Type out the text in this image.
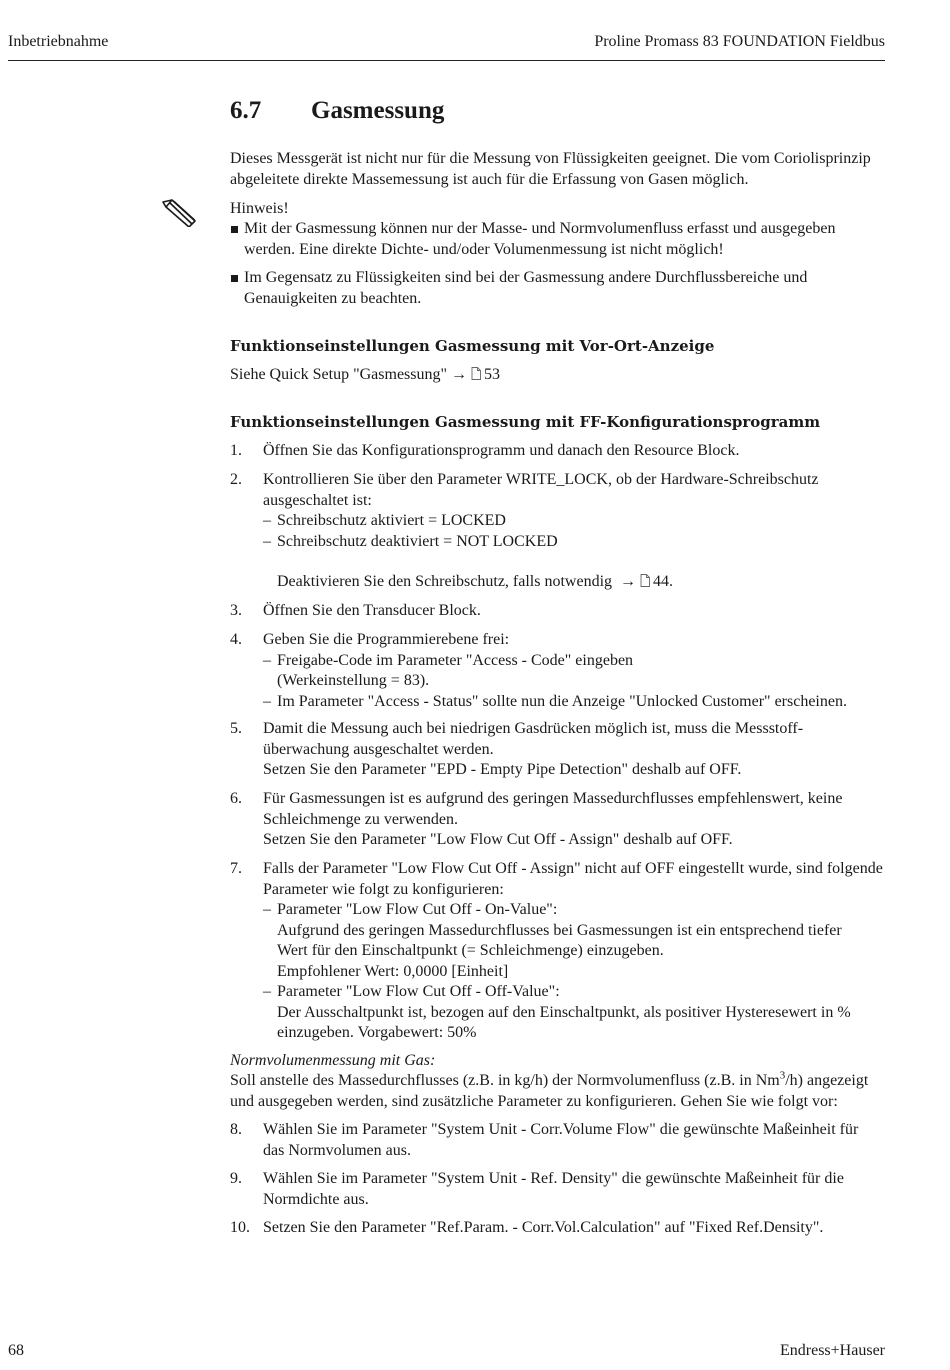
Inbetriebnahme	Proline Promass 83 FOUNDATION Fieldbus
6.7 Gasmessung
Dieses Messgerät ist nicht nur für die Messung von Flüssigkeiten geeignet. Die vom Coriolisprinzip abgeleitete direkte Massemessung ist auch für die Erfassung von Gasen möglich.
Hinweis!
Mit der Gasmessung können nur der Masse- und Normvolumenfluss erfasst und ausgegeben werden. Eine direkte Dichte- und/oder Volumenmessung ist nicht möglich!
Im Gegensatz zu Flüssigkeiten sind bei der Gasmessung andere Durchflussbereiche und Genauigkeiten zu beachten.
Funktionseinstellungen Gasmessung mit Vor-Ort-Anzeige
Siehe Quick Setup "Gasmessung" → 53
Funktionseinstellungen Gasmessung mit FF-Konfigurationsprogramm
1. Öffnen Sie das Konfigurationsprogramm und danach den Resource Block.
2. Kontrollieren Sie über den Parameter WRITE_LOCK, ob der Hardware-Schreibschutz
ausgeschaltet ist:
– Schreibschutz aktiviert = LOCKED
– Schreibschutz deaktiviert = NOT LOCKED
Deaktivieren Sie den Schreibschutz, falls notwendig → 44.
3. Öffnen Sie den Transducer Block.
4. Geben Sie die Programmierebene frei:
– Freigabe-Code im Parameter "Access - Code" eingeben
(Werkeinstellung = 83).
– Im Parameter "Access - Status" sollte nun die Anzeige "Unlocked Customer" erscheinen.
5. Damit die Messung auch bei niedrigen Gasdrücken möglich ist, muss die Messstoff-
überwachung ausgeschaltet werden.
Setzen Sie den Parameter "EPD - Empty Pipe Detection" deshalb auf OFF.
6. Für Gasmessungen ist es aufgrund des geringen Massedurchflusses empfehlenswert, keine
Schleichmenge zu verwenden.
Setzen Sie den Parameter "Low Flow Cut Off - Assign" deshalb auf OFF.
7. Falls der Parameter "Low Flow Cut Off - Assign" nicht auf OFF eingestellt wurde, sind folgende
Parameter wie folgt zu konfigurieren:
– Parameter "Low Flow Cut Off - On-Value":
Aufgrund des geringen Massedurchflusses bei Gasmessungen ist ein entsprechend tiefer
Wert für den Einschaltpunkt (= Schleichmenge) einzugeben.
Empfohlener Wert: 0,0000 [Einheit]
– Parameter "Low Flow Cut Off - Off-Value":
Der Ausschaltpunkt ist, bezogen auf den Einschaltpunkt, als positiver Hysteresewert in %
einzugeben. Vorgabewert: 50%
Normvolumenmessung mit Gas:
Soll anstelle des Massedurchflusses (z.B. in kg/h) der Normvolumenfluss (z.B. in Nm$^3$/h) angezeigt
und ausgegeben werden, sind zusätzliche Parameter zu konfigurieren. Gehen Sie wie folgt vor:
8. Wählen Sie im Parameter "System Unit - Corr.Volume Flow" die gewünschte Maßeinheit für
das Normvolumen aus.
9. Wählen Sie im Parameter "System Unit - Ref. Density" die gewünschte Maßeinheit für die
Normdichte aus.
10. Setzen Sie den Parameter "Ref.Param. - Corr.Vol.Calculation" auf "Fixed Ref.Density".
68	Endress+Hauser
